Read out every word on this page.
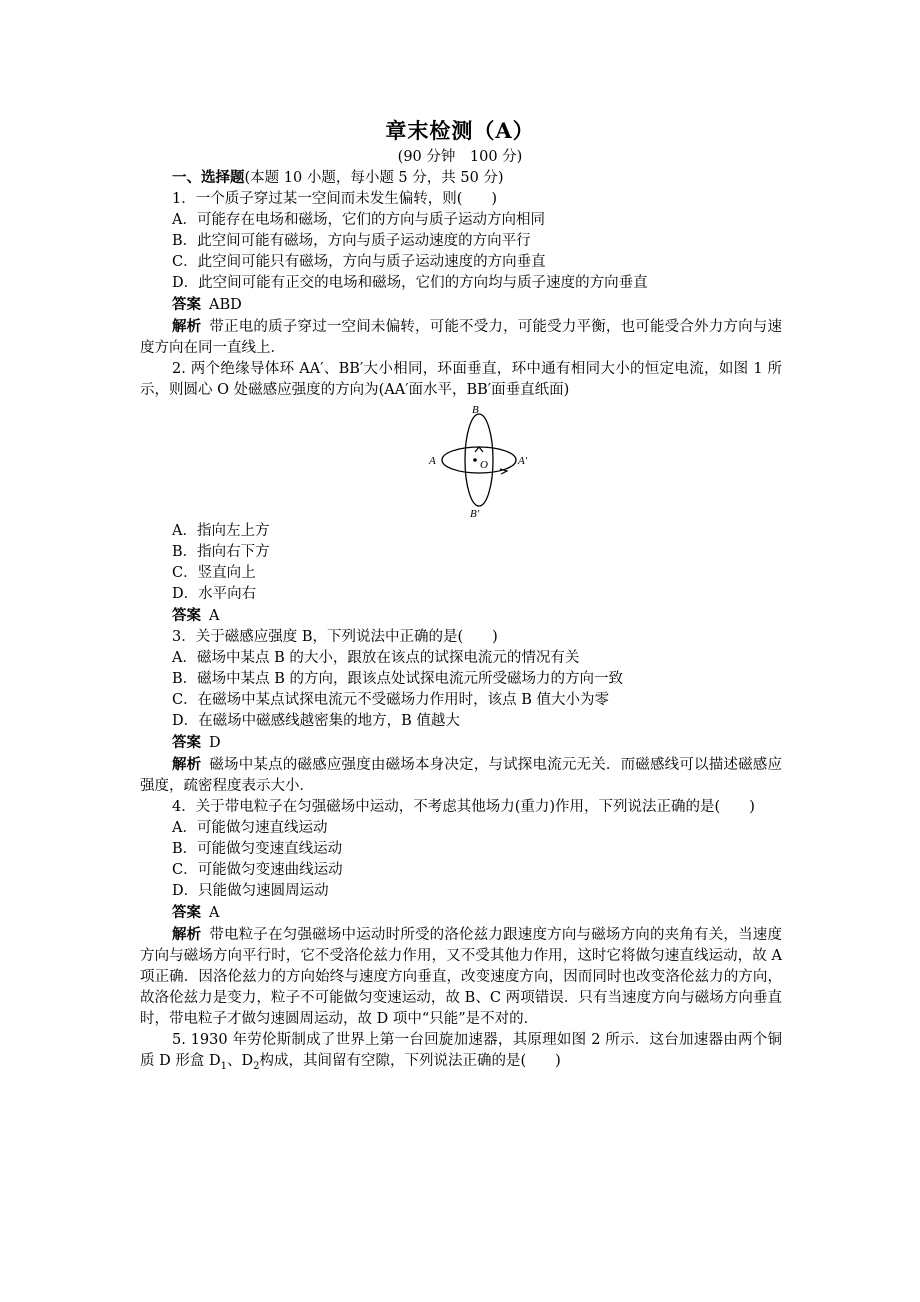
章末检测（A）
(90 分钟　100 分)

一、选择题(本题 10 小题，每小题 5 分，共 50 分)

1．一个质子穿过某一空间而未发生偏转，则(　　)

A．可能存在电场和磁场，它们的方向与质子运动方向相同

B．此空间可能有磁场，方向与质子运动速度的方向平行

C．此空间可能只有磁场，方向与质子运动速度的方向垂直

D．此空间可能有正交的电场和磁场，它们的方向均与质子速度的方向垂直

答案 ABD

解析 带正电的质子穿过一空间未偏转，可能不受力，可能受力平衡，也可能受合外力方向与速度方向在同一直线上．

2. 两个绝缘导体环 AA′、BB′大小相同，环面垂直，环中通有相同大小的恒定电流，如图 1 所示，则圆心 O 处磁感应强度的方向为(AA′面水平，BB′面垂直纸面)

B
A	O	A′
B′

A．指向左上方

B．指向右下方

C．竖直向上

D．水平向右

答案 A

3．关于磁感应强度 B，下列说法中正确的是(　　)

A．磁场中某点 B 的大小，跟放在该点的试探电流元的情况有关

B．磁场中某点 B 的方向，跟该点处试探电流元所受磁场力的方向一致

C．在磁场中某点试探电流元不受磁场力作用时，该点 B 值大小为零

D．在磁场中磁感线越密集的地方，B 值越大

答案 D

解析 磁场中某点的磁感应强度由磁场本身决定，与试探电流元无关．而磁感线可以描述磁感应强度，疏密程度表示大小．

4．关于带电粒子在匀强磁场中运动，不考虑其他场力(重力)作用，下列说法正确的是(　　)

A．可能做匀速直线运动

B．可能做匀变速直线运动

C．可能做匀变速曲线运动

D．只能做匀速圆周运动

答案 A

解析 带电粒子在匀强磁场中运动时所受的洛伦兹力跟速度方向与磁场方向的夹角有关，当速度方向与磁场方向平行时，它不受洛伦兹力作用，又不受其他力作用，这时它将做匀速直线运动，故 A 项正确．因洛伦兹力的方向始终与速度方向垂直，改变速度方向，因而同时也改变洛伦兹力的方向，故洛伦兹力是变力，粒子不可能做匀变速运动，故 B、C 两项错误．只有当速度方向与磁场方向垂直时，带电粒子才做匀速圆周运动，故 D 项中“只能”是不对的．

5. 1930 年劳伦斯制成了世界上第一台回旋加速器，其原理如图 2 所示．这台加速器由两个铜质 D 形盒 $D_1$、$D_2$构成，其间留有空隙，下列说法正确的是(　　)
